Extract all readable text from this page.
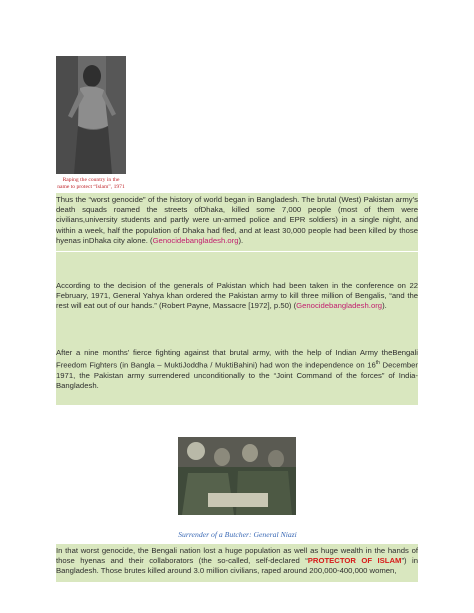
Raping the country in the
name to protect “Islam”, 1971

Thus the “worst genocide” of the history of world began in Bangladesh. The brutal (West) Pakistan army’s death squads roamed the streets ofDhaka, killed some 7,000 people (most of them were civilians,university students and partly were un-armed police and EPR soldiers) in a single night, and within a week, half the population of Dhaka had fled, and at least 30,000 people had been killed by those hyenas inDhaka city alone. (Genocidebangladesh.org).

According to the decision of the generals of Pakistan which had been taken in the conference on 22 February, 1971, General Yahya khan ordered the Pakistan army to kill three million of Bengalis, “and the rest will eat out of our hands.” (Robert Payne, Massacre [1972], p.50) (Genocidebangladesh.org).

After a nine months’ fierce fighting against that brutal army, with the help of Indian Army theBengali Freedom Fighters (in Bangla – MuktiJoddha / MuktiBahini) had won the independence on 16th December 1971, the Pakistan army surrendered unconditionally to the “Joint Command of the forces” of India-Bangladesh.

Surrender of a Butcher: General Niazi

In that worst genocide, the Bengali nation lost a huge population as well as huge wealth in the hands of those hyenas and their collaborators (the so-called, self-declared “PROTECTOR OF ISLAM”) in Bangladesh. Those brutes killed around 3.0 million civilians, raped around 200,000-400,000 women,
